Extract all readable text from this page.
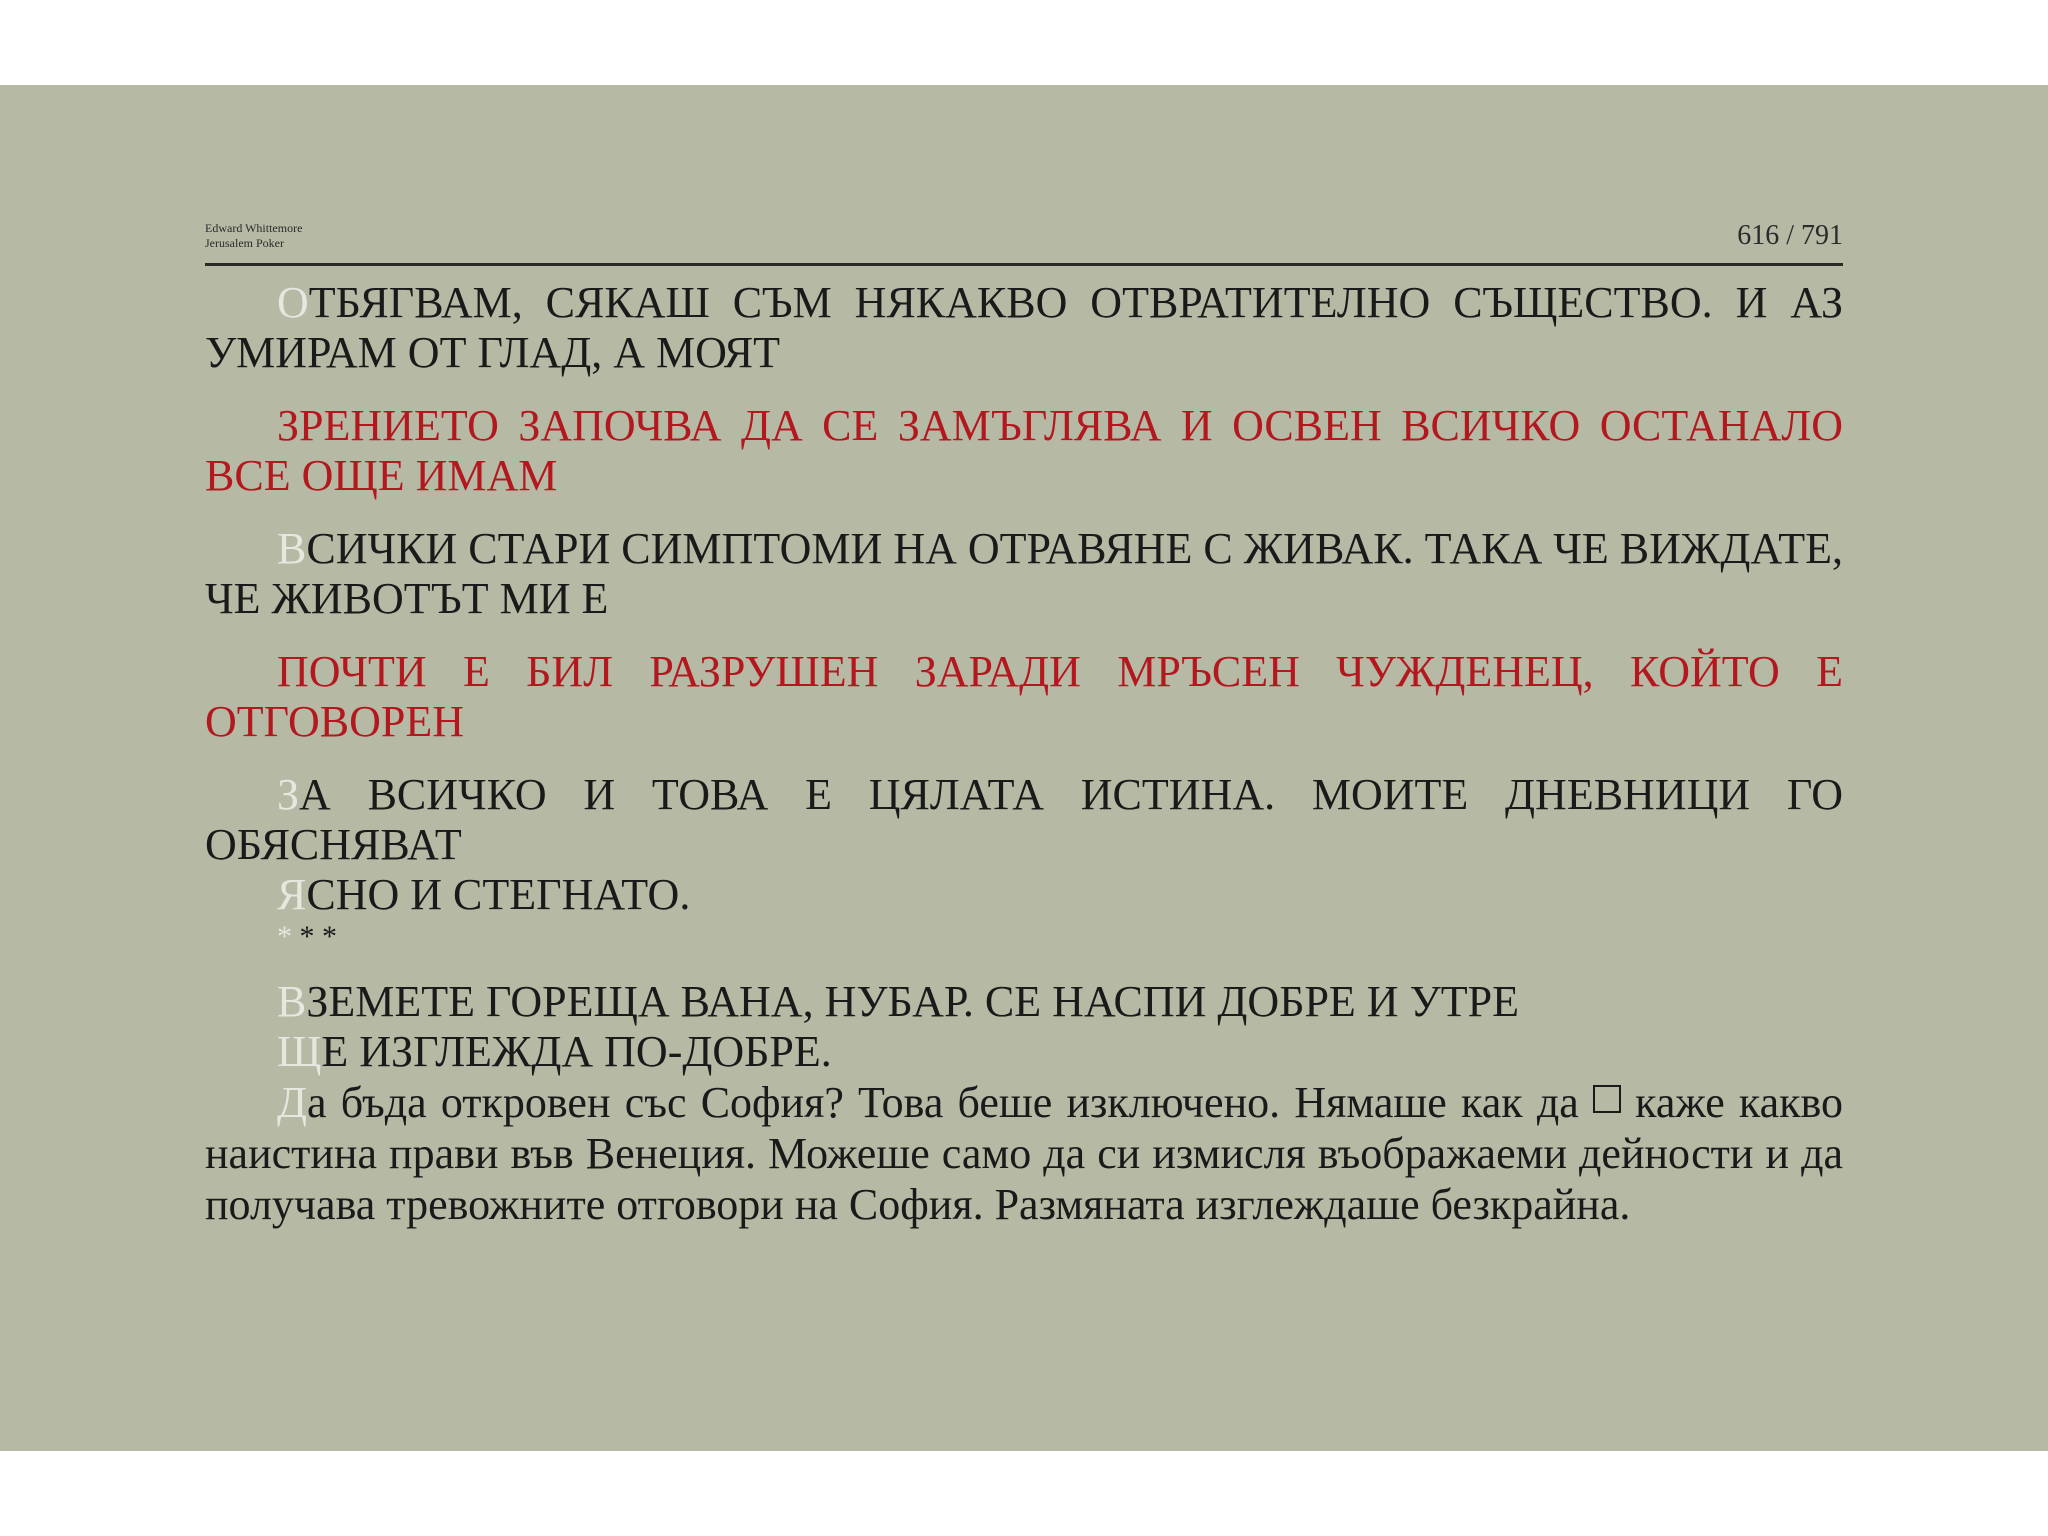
Edward Whittemore
Jerusalem Poker	616 / 791

ОТБЯГВАМ, СЯКАШ СЪМ НЯКАКВО ОТВРАТИТЕЛНО СЪЩЕСТВО. И АЗ УМИРАМ ОТ ГЛАД, А МОЯТ

ЗРЕНИЕТО ЗАПОЧВА ДА СЕ ЗАМЪГЛЯВА И ОСВЕН ВСИЧКО ОСТАНАЛО ВСЕ ОЩЕ ИМАМ

ВСИЧКИ СТАРИ СИМПТОМИ НА ОТРАВЯНЕ С ЖИВАК. ТАКА ЧЕ ВИЖДАТЕ, ЧЕ ЖИВОТЪТ МИ Е

ПОЧТИ Е БИЛ РАЗРУШЕН ЗАРАДИ МРЪСЕН ЧУЖДЕНЕЦ, КОЙТО Е ОТГОВОРЕН

ЗА ВСИЧКО И ТОВА Е ЦЯЛАТА ИСТИНА. МОИТЕ ДНЕВНИЦИ ГО ОБЯСНЯВАТ

ЯСНО И СТЕГНАТО.

* * *

ВЗЕМЕТЕ ГОРЕЩА ВАНА, НУБАР. СЕ НАСПИ ДОБРЕ И УТРЕ

ЩЕ ИЗГЛЕЖДА ПО-ДОБРЕ.

Да бъда откровен със София? Това беше изключено. Нямаше как да  каже какво наистина прави във Венеция. Можеше само да си измисля въображаеми дейности и да получава тревожните отговори на София. Размяната изглеждаше безкрайна.
